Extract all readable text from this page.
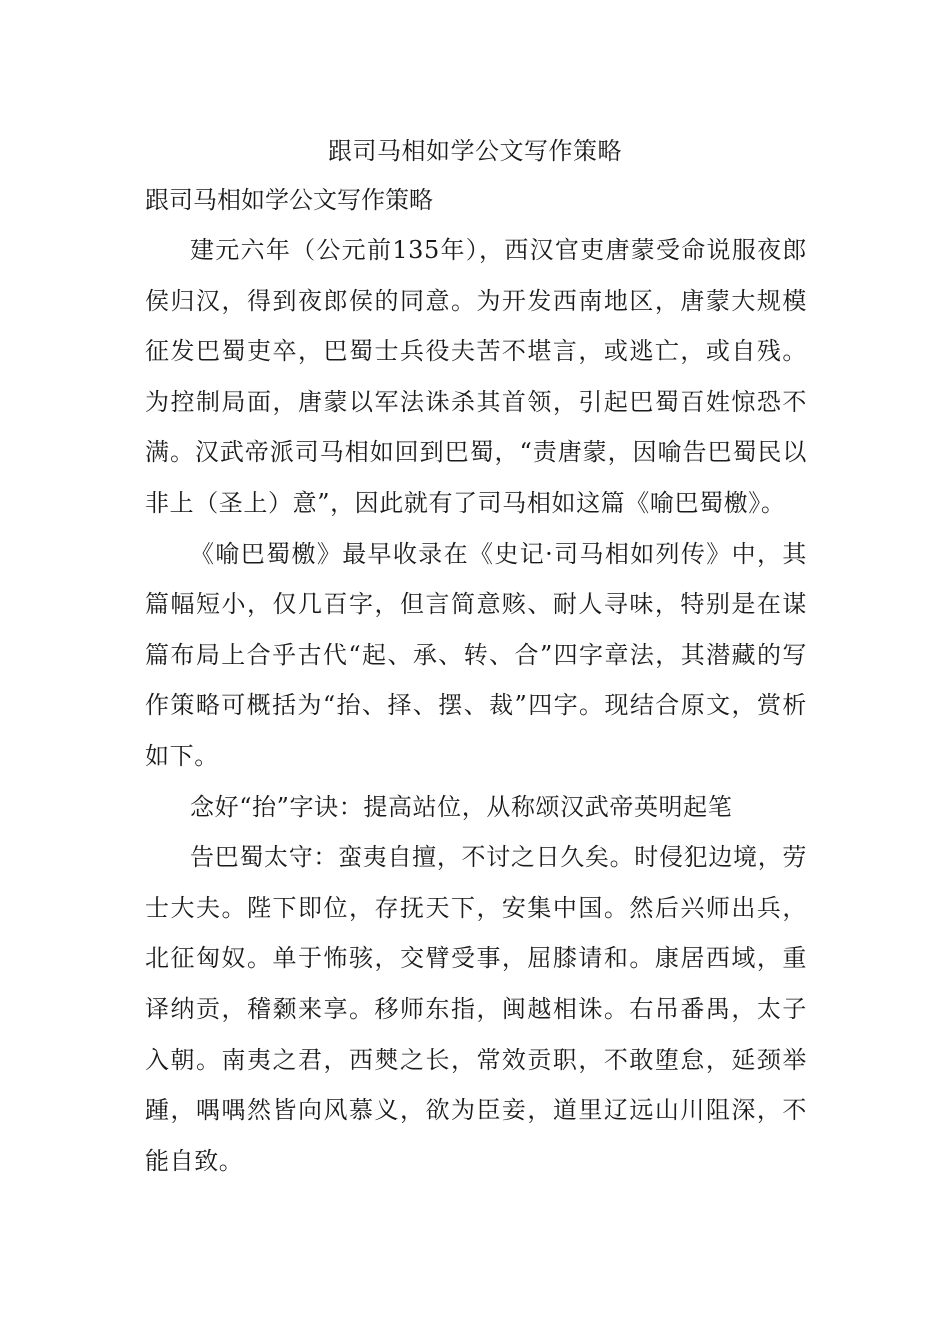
跟司马相如学公文写作策略

跟司马相如学公文写作策略

建元六年（公元前135年），西汉官吏唐蒙受命说服夜郎侯归汉，得到夜郎侯的同意。为开发西南地区，唐蒙大规模征发巴蜀吏卒，巴蜀士兵役夫苦不堪言，或逃亡，或自残。为控制局面，唐蒙以军法诛杀其首领，引起巴蜀百姓惊恐不满。汉武帝派司马相如回到巴蜀，“责唐蒙，因喻告巴蜀民以非上（圣上）意”，因此就有了司马相如这篇《喻巴蜀檄》。

《喻巴蜀檄》最早收录在《史记·司马相如列传》中，其篇幅短小，仅几百字，但言简意赅、耐人寻味，特别是在谋篇布局上合乎古代“起、承、转、合”四字章法，其潜藏的写作策略可概括为“抬、择、摆、裁”四字。现结合原文，赏析如下。

念好“抬”字诀：提高站位，从称颂汉武帝英明起笔

告巴蜀太守：蛮夷自擅，不讨之日久矣。时侵犯边境，劳士大夫。陛下即位，存抚天下，安集中国。然后兴师出兵，北征匈奴。单于怖骇，交臂受事，屈膝请和。康居西域，重译纳贡，稽颡来享。移师东指，闽越相诛。右吊番禺，太子入朝。南夷之君，西僰之长，常效贡职，不敢堕怠，延颈举踵，喁喁然皆向风慕义，欲为臣妾，道里辽远山川阻深，不能自致。
